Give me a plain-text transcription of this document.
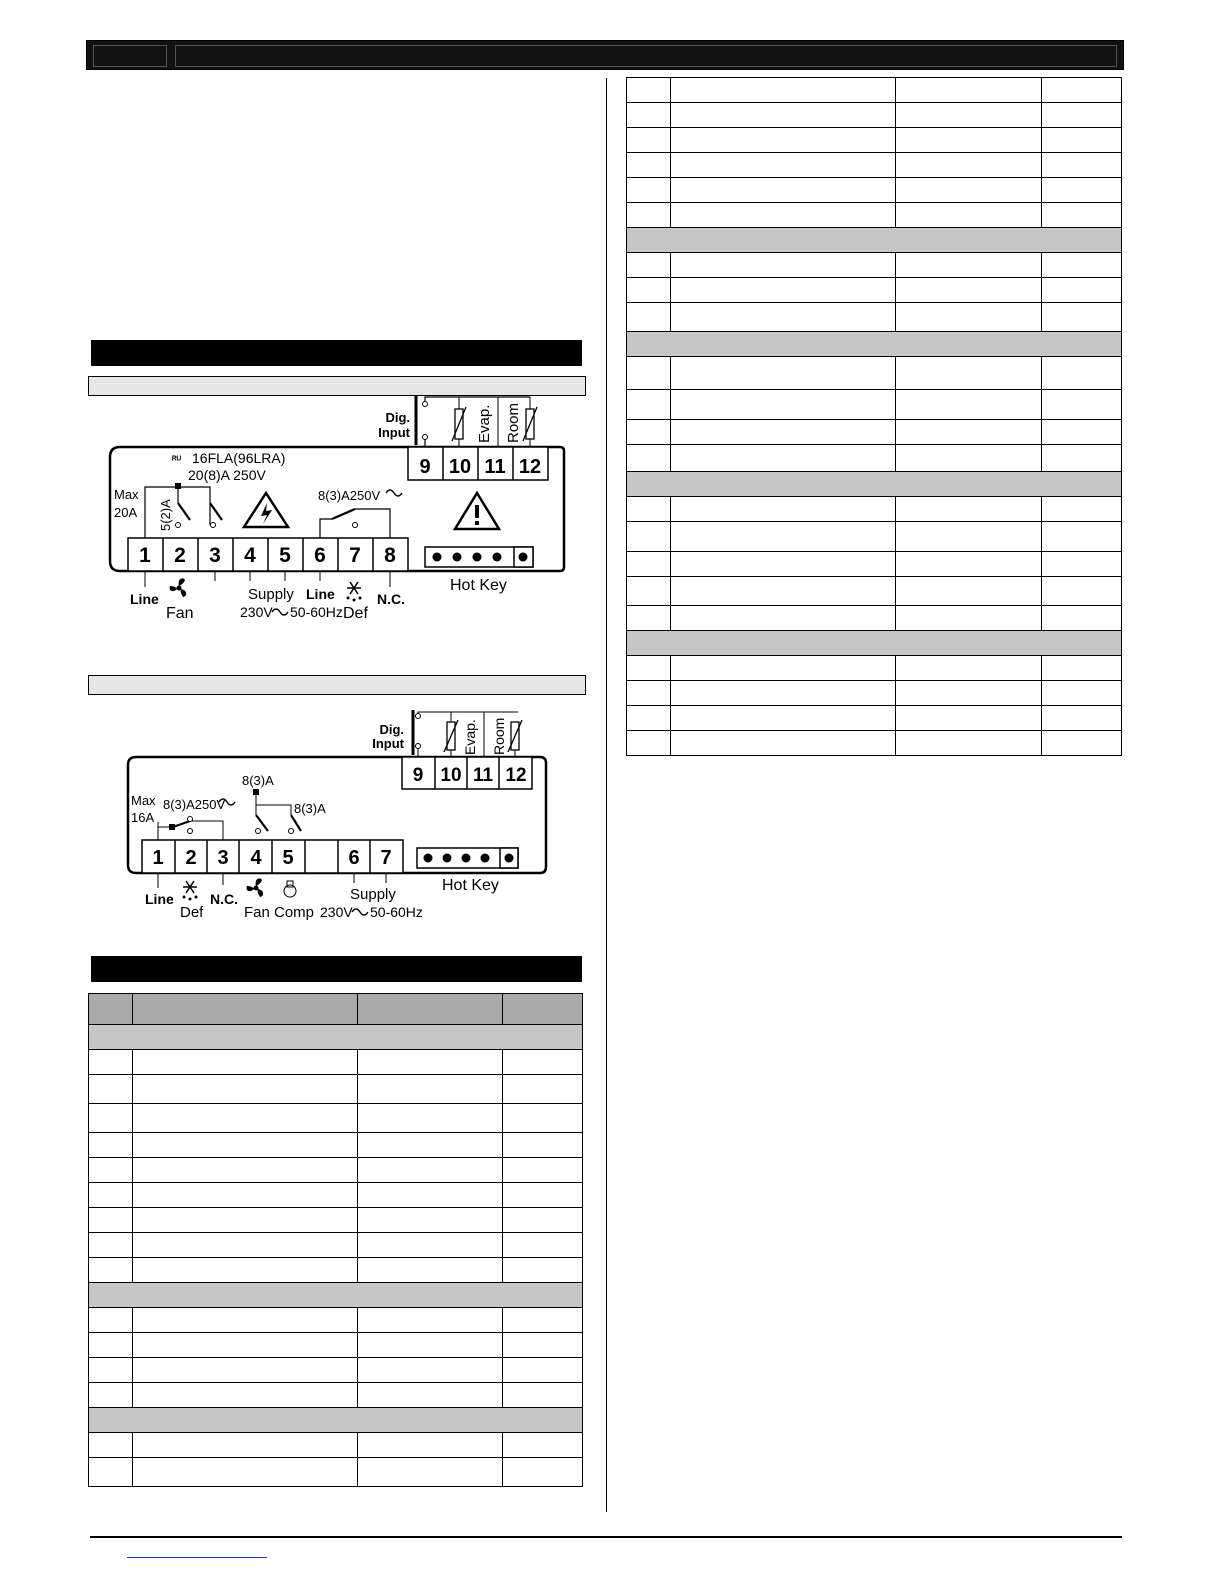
Dig.
Input	Evap. Room
9 10 11 12
ᴿᵁ 16FLA(96LRA)
20(8)A 250V
Max
20A 5(2)A
8(3)A250V
1 2 3 4 5 6 7 8
Hot Key
Line
Fan
Supply
230V 50-60Hz
Line
Def
N.C.
Dig.
Input	Evap. Room
9 10 11 12
Max
16A
8(3)A250V
8(3)A
8(3)A
1 2 3 4 5	6 7
Hot Key
Line
Def
N.C.
Fan Comp
Supply
230V 50-60Hz
